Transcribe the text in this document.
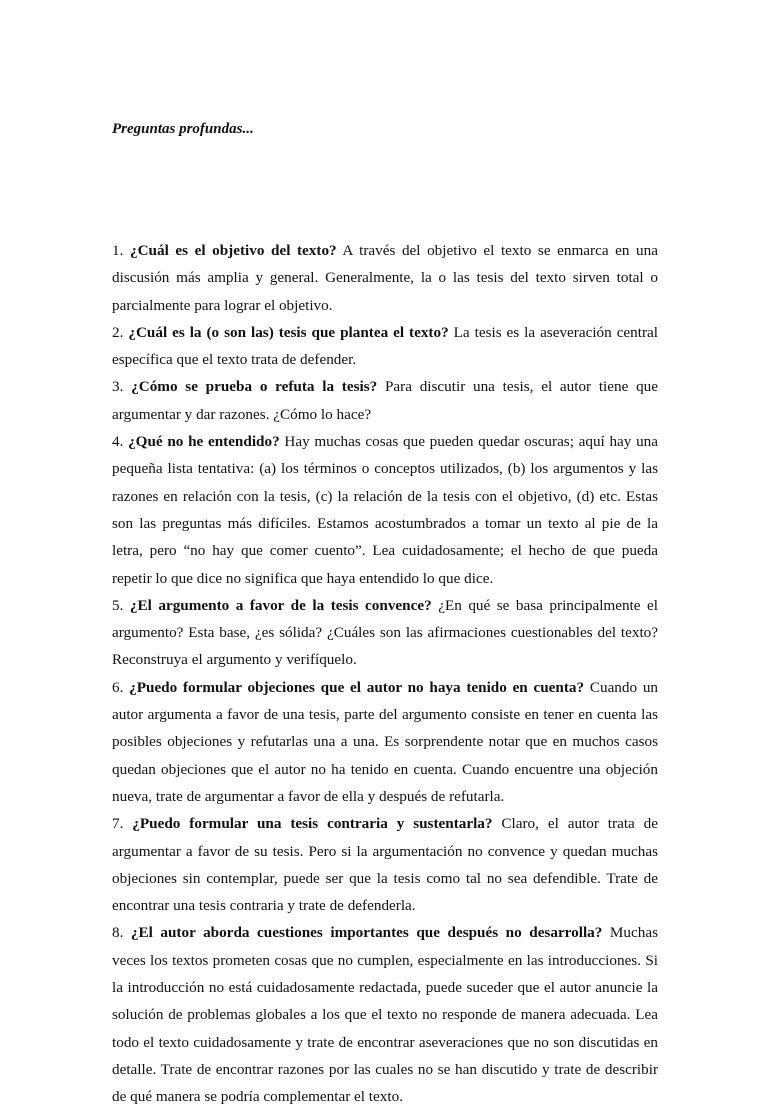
Preguntas profundas...

1. ¿Cuál es el objetivo del texto? A través del objetivo el texto se enmarca en una discusión más amplia y general. Generalmente, la o las tesis del texto sirven total o parcialmente para lograr el objetivo.

2. ¿Cuál es la (o son las) tesis que plantea el texto? La tesis es la aseveración central específica que el texto trata de defender.

3. ¿Cómo se prueba o refuta la tesis? Para discutir una tesis, el autor tiene que argumentar y dar razones. ¿Cómo lo hace?

4. ¿Qué no he entendido? Hay muchas cosas que pueden quedar oscuras; aquí hay una pequeña lista tentativa: (a) los términos o conceptos utilizados, (b) los argumentos y las razones en relación con la tesis, (c) la relación de la tesis con el objetivo, (d) etc. Estas son las preguntas más difíciles. Estamos acostumbrados a tomar un texto al pie de la letra, pero “no hay que comer cuento”. Lea cuidadosamente; el hecho de que pueda repetir lo que dice no significa que haya entendido lo que dice.

5. ¿El argumento a favor de la tesis convence? ¿En qué se basa principalmente el argumento? Esta base, ¿es sólida? ¿Cuáles son las afirmaciones cuestionables del texto? Reconstruya el argumento y verifíquelo.

6. ¿Puedo formular objeciones que el autor no haya tenido en cuenta? Cuando un autor argumenta a favor de una tesis, parte del argumento consiste en tener en cuenta las posibles objeciones y refutarlas una a una. Es sorprendente notar que en muchos casos quedan objeciones que el autor no ha tenido en cuenta. Cuando encuentre una objeción nueva, trate de argumentar a favor de ella y después de refutarla.

7. ¿Puedo formular una tesis contraria y sustentarla? Claro, el autor trata de argumentar a favor de su tesis. Pero si la argumentación no convence y quedan muchas objeciones sin contemplar, puede ser que la tesis como tal no sea defendible. Trate de encontrar una tesis contraria y trate de defenderla.

8. ¿El autor aborda cuestiones importantes que después no desarrolla? Muchas veces los textos prometen cosas que no cumplen, especialmente en las introducciones. Si la introducción no está cuidadosamente redactada, puede suceder que el autor anuncie la solución de problemas globales a los que el texto no responde de manera adecuada. Lea todo el texto cuidadosamente y trate de encontrar aseveraciones que no son discutidas en detalle. Trate de encontrar razones por las cuales no se han discutido y trate de describir de qué manera se podría complementar el texto.
